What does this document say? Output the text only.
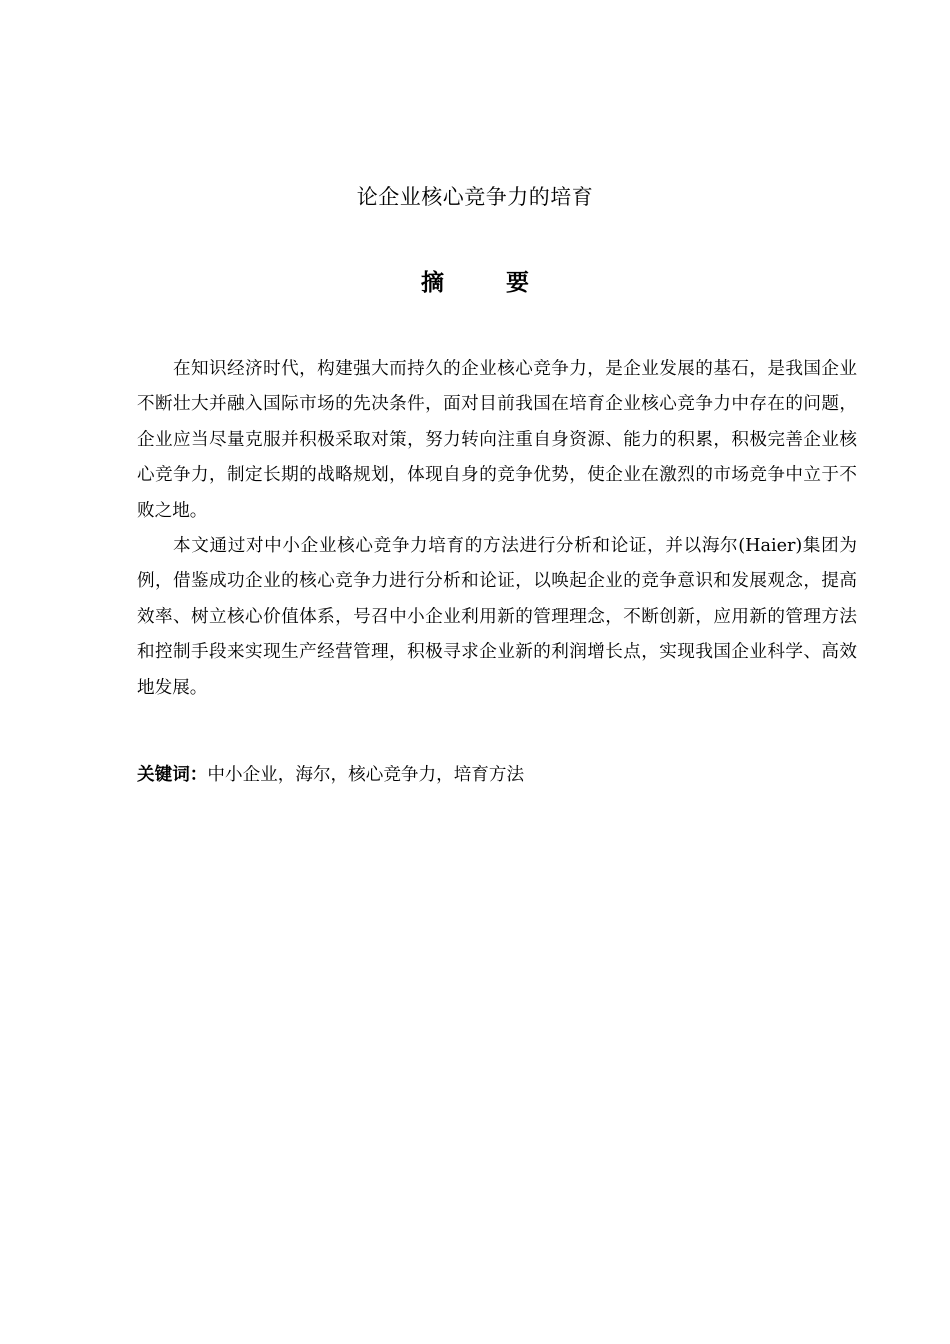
论企业核心竞争力的培育
摘	要

在知识经济时代，构建强大而持久的企业核心竞争力，是企业发展的基石，是我国企业不断壮大并融入国际市场的先决条件，面对目前我国在培育企业核心竞争力中存在的问题，企业应当尽量克服并积极采取对策，努力转向注重自身资源、能力的积累，积极完善企业核心竞争力，制定长期的战略规划，体现自身的竞争优势，使企业在激烈的市场竞争中立于不败之地。

本文通过对中小企业核心竞争力培育的方法进行分析和论证，并以海尔(Haier)集团为例，借鉴成功企业的核心竞争力进行分析和论证，以唤起企业的竞争意识和发展观念，提高效率、树立核心价值体系，号召中小企业利用新的管理理念，不断创新，应用新的管理方法和控制手段来实现生产经营管理，积极寻求企业新的利润增长点，实现我国企业科学、高效地发展。

关键词：中小企业，海尔，核心竞争力，培育方法
